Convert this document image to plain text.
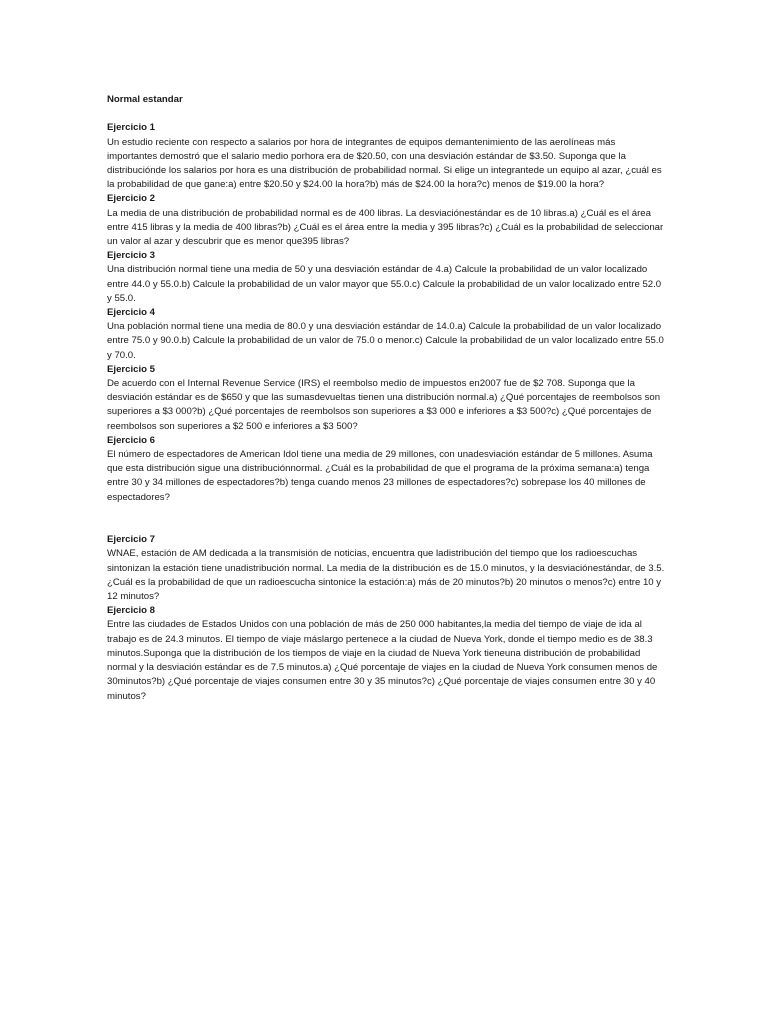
Normal estandar
Ejercicio 1
Un estudio reciente con respecto a salarios por hora de integrantes de equipos demantenimiento de las aerolíneas más importantes demostró que el salario medio porhora era de $20.50, con una desviación estándar de $3.50. Suponga que la distribuciónde los salarios por hora es una distribución de probabilidad normal. Si elige un integrantede un equipo al azar, ¿cuál es la probabilidad de que gane:a) entre $20.50 y $24.00 la hora?b) más de $24.00 la hora?c) menos de $19.00 la hora?
Ejercicio 2
La media de una distribución de probabilidad normal es de 400 libras. La desviaciónestándar es de 10 libras.a) ¿Cuál es el área entre 415 libras y la media de 400 libras?b) ¿Cuál es el área entre la media y 395 libras?c) ¿Cuál es la probabilidad de seleccionar un valor al azar y descubrir que es menor que395 libras?
Ejercicio 3
Una distribución normal tiene una media de 50 y una desviación estándar de 4.a) Calcule la probabilidad de un valor localizado entre 44.0 y 55.0.b) Calcule la probabilidad de un valor mayor que 55.0.c) Calcule la probabilidad de un valor localizado entre 52.0 y 55.0.
Ejercicio 4
Una población normal tiene una media de 80.0 y una desviación estándar de 14.0.a) Calcule la probabilidad de un valor localizado entre 75.0 y 90.0.b) Calcule la probabilidad de un valor de 75.0 o menor.c) Calcule la probabilidad de un valor localizado entre 55.0 y 70.0.
Ejercicio 5
De acuerdo con el Internal Revenue Service (IRS) el reembolso medio de impuestos en2007 fue de $2 708. Suponga que la desviación estándar es de $650 y que las sumasdevueltas tienen una distribución normal.a) ¿Qué porcentajes de reembolsos son superiores a $3 000?b) ¿Qué porcentajes de reembolsos son superiores a $3 000 e inferiores a $3 500?c) ¿Qué porcentajes de reembolsos son superiores a $2 500 e inferiores a $3 500?
Ejercicio 6
El número de espectadores de American Idol tiene una media de 29 millones, con unadesviación estándar de 5 millones. Asuma que esta distribución sigue una distribuciónnormal. ¿Cuál es la probabilidad de que el programa de la próxima semana:a) tenga entre 30 y 34 millones de espectadores?b) tenga cuando menos 23 millones de espectadores?c) sobrepase los 40 millones de espectadores?
Ejercicio 7
WNAE, estación de AM dedicada a la transmisión de noticias, encuentra que ladistribución del tiempo que los radioescuchas sintonizan la estación tiene unadistribución normal. La media de la distribución es de 15.0 minutos, y la desviaciónestándar, de 3.5. ¿Cuál es la probabilidad de que un radioescucha sintonice la estación:a) más de 20 minutos?b) 20 minutos o menos?c) entre 10 y 12 minutos?
Ejercicio 8
Entre las ciudades de Estados Unidos con una población de más de 250 000 habitantes,la media del tiempo de viaje de ida al trabajo es de 24.3 minutos. El tiempo de viaje máslargo pertenece a la ciudad de Nueva York, donde el tiempo medio es de 38.3 minutos.Suponga que la distribución de los tiempos de viaje en la ciudad de Nueva York tieneuna distribución de probabilidad normal y la desviación estándar es de 7.5 minutos.a) ¿Qué porcentaje de viajes en la ciudad de Nueva York consumen menos de 30minutos?b) ¿Qué porcentaje de viajes consumen entre 30 y 35 minutos?c) ¿Qué porcentaje de viajes consumen entre 30 y 40 minutos?
